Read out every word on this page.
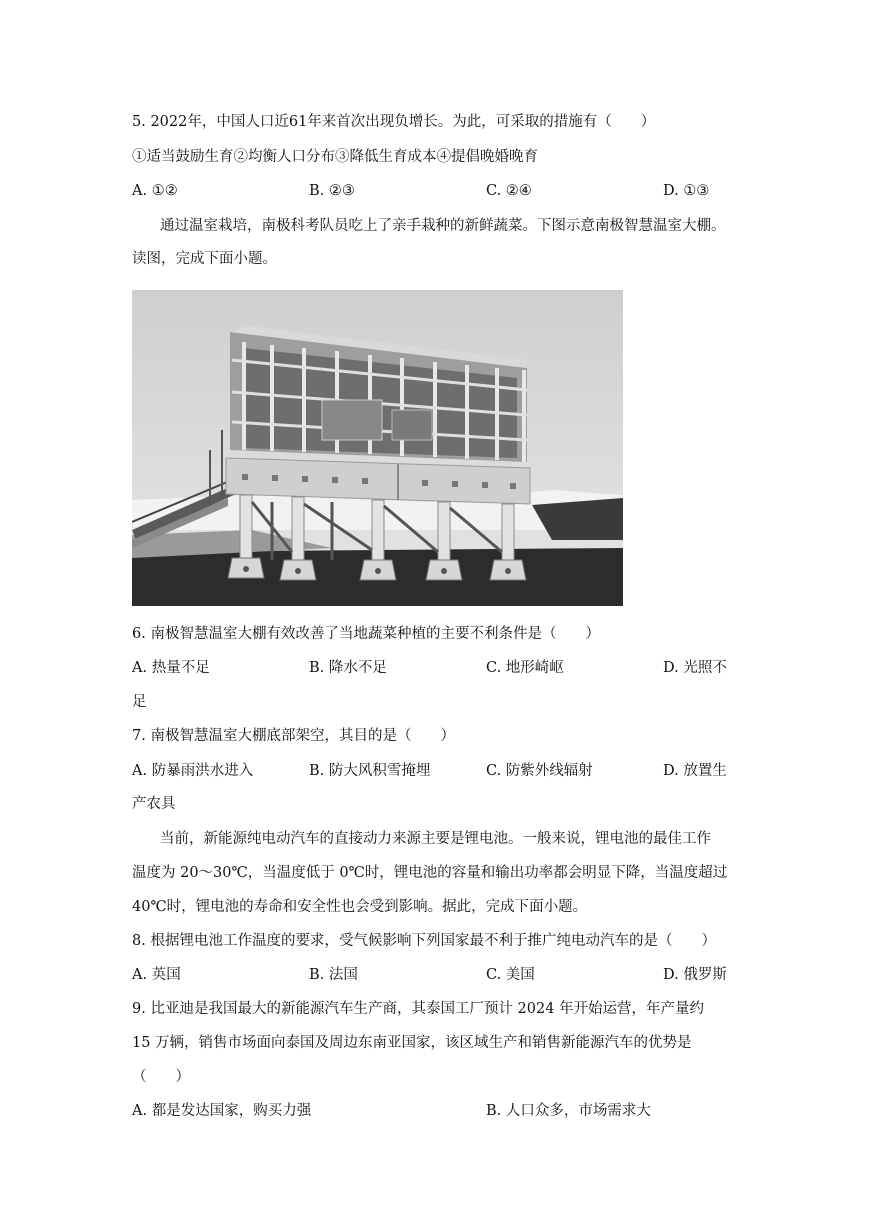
5. 2022年，中国人口近61年来首次出现负增长。为此，可采取的措施有（　　）
①适当鼓励生育②均衡人口分布③降低生育成本④提倡晚婚晚育
A. ①②	B. ②③	C. ②④	D. ①③
通过温室栽培，南极科考队员吃上了亲手栽种的新鲜蔬菜。下图示意南极智慧温室大棚。
读图，完成下面小题。
6. 南极智慧温室大棚有效改善了当地蔬菜种植的主要不利条件是（　　）
A. 热量不足	B. 降水不足	C. 地形崎岖	D. 光照不
足
7. 南极智慧温室大棚底部架空，其目的是（　　）
A. 防暴雨洪水进入	B. 防大风积雪掩埋	C. 防紫外线辐射	D. 放置生
产农具
当前，新能源纯电动汽车的直接动力来源主要是锂电池。一般来说，锂电池的最佳工作
温度为 20～30℃，当温度低于 0℃时，锂电池的容量和输出功率都会明显下降，当温度超过
40℃时，锂电池的寿命和安全性也会受到影响。据此，完成下面小题。
8. 根据锂电池工作温度的要求，受气候影响下列国家最不利于推广纯电动汽车的是（　　）
A. 英国	B. 法国	C. 美国	D. 俄罗斯
9. 比亚迪是我国最大的新能源汽车生产商，其泰国工厂预计 2024 年开始运营，年产量约
15 万辆，销售市场面向泰国及周边东南亚国家，该区域生产和销售新能源汽车的优势是
（　　）
A. 都是发达国家，购买力强	B. 人口众多，市场需求大
